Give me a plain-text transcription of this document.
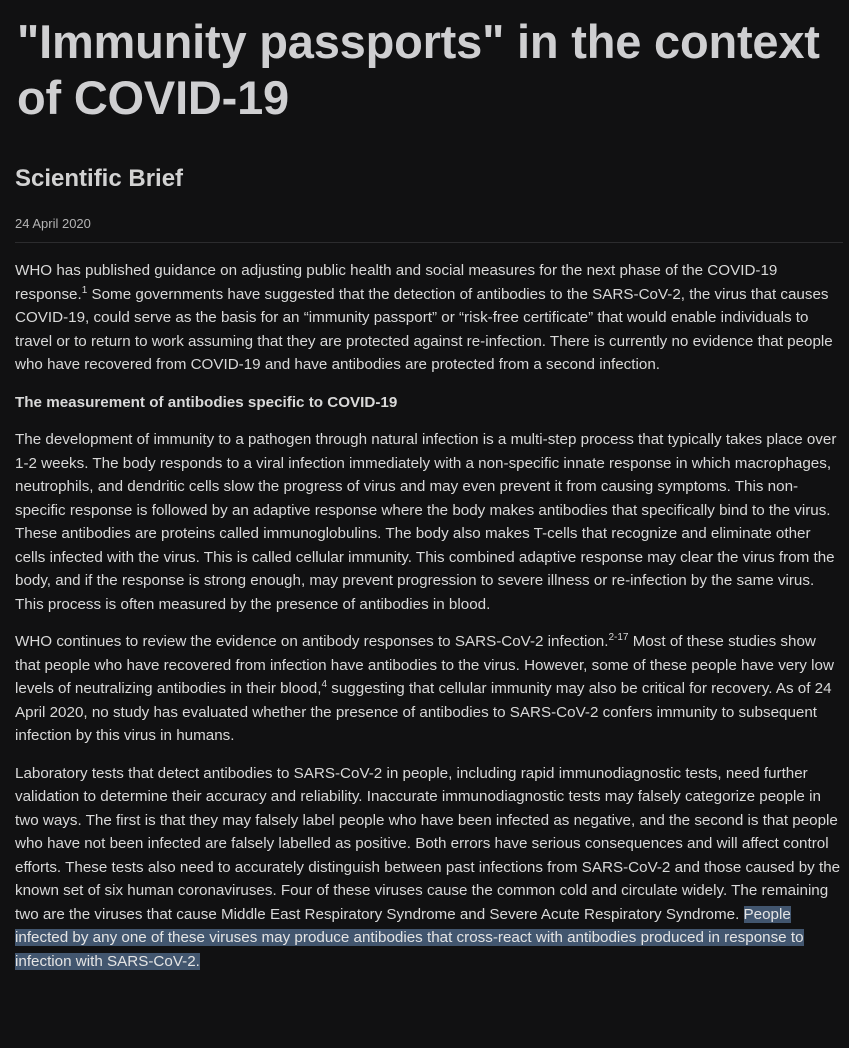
"Immunity passports" in the context of COVID-19
Scientific Brief
24 April 2020

WHO has published guidance on adjusting public health and social measures for the next phase of the COVID-19 response.$^1$ Some governments have suggested that the detection of antibodies to the SARS-CoV-2, the virus that causes COVID-19, could serve as the basis for an “immunity passport” or “risk-free certificate” that would enable individuals to travel or to return to work assuming that they are protected against re-infection. There is currently no evidence that people who have recovered from COVID-19 and have antibodies are protected from a second infection.

The measurement of antibodies specific to COVID-19

The development of immunity to a pathogen through natural infection is a multi-step process that typically takes place over 1-2 weeks. The body responds to a viral infection immediately with a non-specific innate response in which macrophages, neutrophils, and dendritic cells slow the progress of virus and may even prevent it from causing symptoms. This non-specific response is followed by an adaptive response where the body makes antibodies that specifically bind to the virus. These antibodies are proteins called immunoglobulins. The body also makes T-cells that recognize and eliminate other cells infected with the virus. This is called cellular immunity. This combined adaptive response may clear the virus from the body, and if the response is strong enough, may prevent progression to severe illness or re-infection by the same virus. This process is often measured by the presence of antibodies in blood.

WHO continues to review the evidence on antibody responses to SARS-CoV-2 infection.$^{2-17}$ Most of these studies show that people who have recovered from infection have antibodies to the virus. However, some of these people have very low levels of neutralizing antibodies in their blood,$^4$ suggesting that cellular immunity may also be critical for recovery. As of 24 April 2020, no study has evaluated whether the presence of antibodies to SARS-CoV-2 confers immunity to subsequent infection by this virus in humans.

Laboratory tests that detect antibodies to SARS-CoV-2 in people, including rapid immunodiagnostic tests, need further validation to determine their accuracy and reliability. Inaccurate immunodiagnostic tests may falsely categorize people in two ways. The first is that they may falsely label people who have been infected as negative, and the second is that people who have not been infected are falsely labelled as positive. Both errors have serious consequences and will affect control efforts. These tests also need to accurately distinguish between past infections from SARS-CoV-2 and those caused by the known set of six human coronaviruses. Four of these viruses cause the common cold and circulate widely. The remaining two are the viruses that cause Middle East Respiratory Syndrome and Severe Acute Respiratory Syndrome. People infected by any one of these viruses may produce antibodies that cross-react with antibodies produced in response to infection with SARS-CoV-2.
